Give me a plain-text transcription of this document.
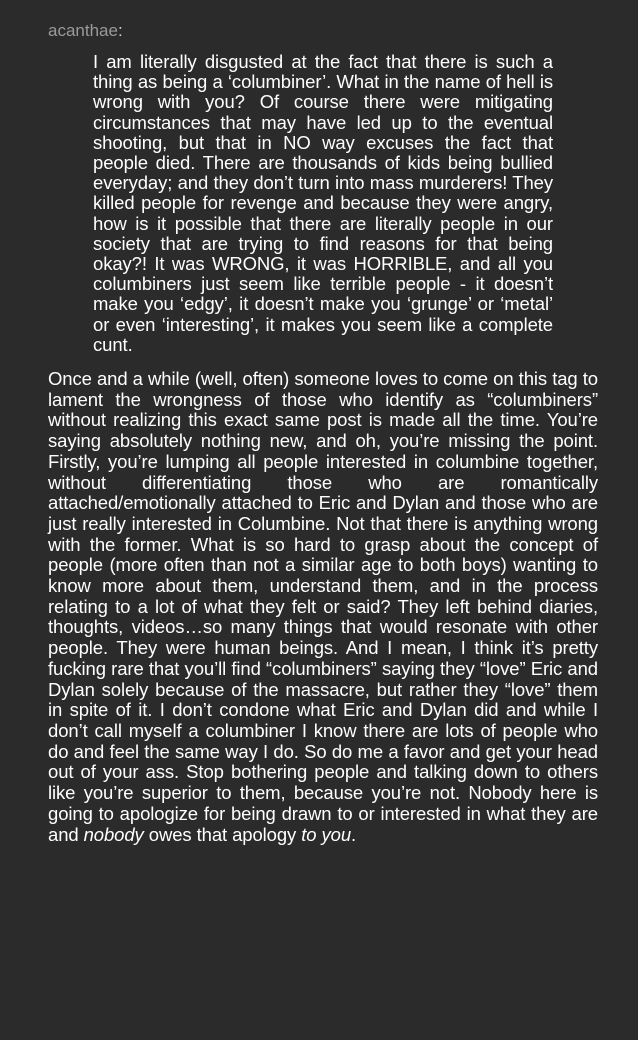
acanthae:
I am literally disgusted at the fact that there is such a thing as being a ‘columbiner’. What in the name of hell is wrong with you? Of course there were mitigating circumstances that may have led up to the eventual shooting, but that in NO way excuses the fact that people died. There are thousands of kids being bullied everyday; and they don’t turn into mass murderers! They killed people for revenge and because they were angry, how is it possible that there are literally people in our society that are trying to find reasons for that being okay?! It was WRONG, it was HORRIBLE, and all you columbiners just seem like terrible people - it doesn’t make you ‘edgy’, it doesn’t make you ‘grunge’ or ‘metal’ or even ‘interesting’, it makes you seem like a complete cunt.

Once and a while (well, often) someone loves to come on this tag to lament the wrongness of those who identify as “columbiners” without realizing this exact same post is made all the time. You’re saying absolutely nothing new, and oh, you’re missing the point. Firstly, you’re lumping all people interested in columbine together, without differentiating those who are romantically attached/emotionally attached to Eric and Dylan and those who are just really interested in Columbine. Not that there is anything wrong with the former. What is so hard to grasp about the concept of people (more often than not a similar age to both boys) wanting to know more about them, understand them, and in the process relating to a lot of what they felt or said? They left behind diaries, thoughts, videos…so many things that would resonate with other people. They were human beings. And I mean, I think it’s pretty fucking rare that you’ll find “columbiners” saying they “love” Eric and Dylan solely because of the massacre, but rather they “love” them in spite of it. I don’t condone what Eric and Dylan did and while I don’t call myself a columbiner I know there are lots of people who do and feel the same way I do. So do me a favor and get your head out of your ass. Stop bothering people and talking down to others like you’re superior to them, because you’re not. Nobody here is going to apologize for being drawn to or interested in what they are and nobody owes that apology to you.
